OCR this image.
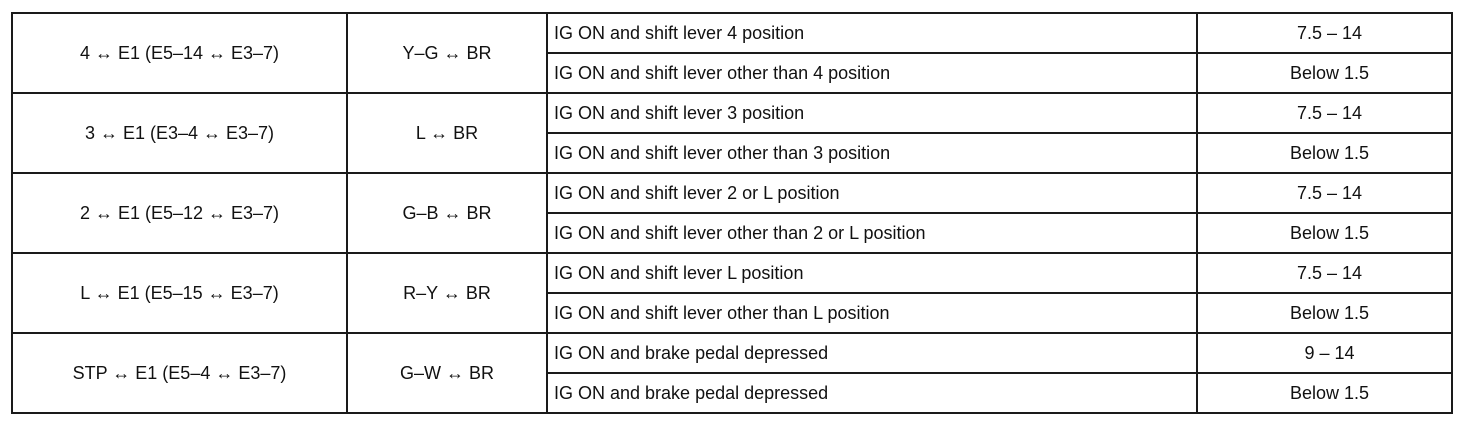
4 ↔ E1 (E5–14 ↔ E3–7)	Y–G ↔ BR	IG ON and shift lever 4 position	7.5 – 14
		IG ON and shift lever other than 4 position	Below 1.5
3 ↔ E1 (E3–4 ↔ E3–7)	L ↔ BR	IG ON and shift lever 3 position	7.5 – 14
		IG ON and shift lever other than 3 position	Below 1.5
2 ↔ E1 (E5–12 ↔ E3–7)	G–B ↔ BR	IG ON and shift lever 2 or L position	7.5 – 14
		IG ON and shift lever other than 2 or L position	Below 1.5
L ↔ E1 (E5–15 ↔ E3–7)	R–Y ↔ BR	IG ON and shift lever L position	7.5 – 14
		IG ON and shift lever other than L position	Below 1.5
STP ↔ E1 (E5–4 ↔ E3–7)	G–W ↔ BR	IG ON and brake pedal depressed	9 – 14
		IG ON and brake pedal depressed	Below 1.5
